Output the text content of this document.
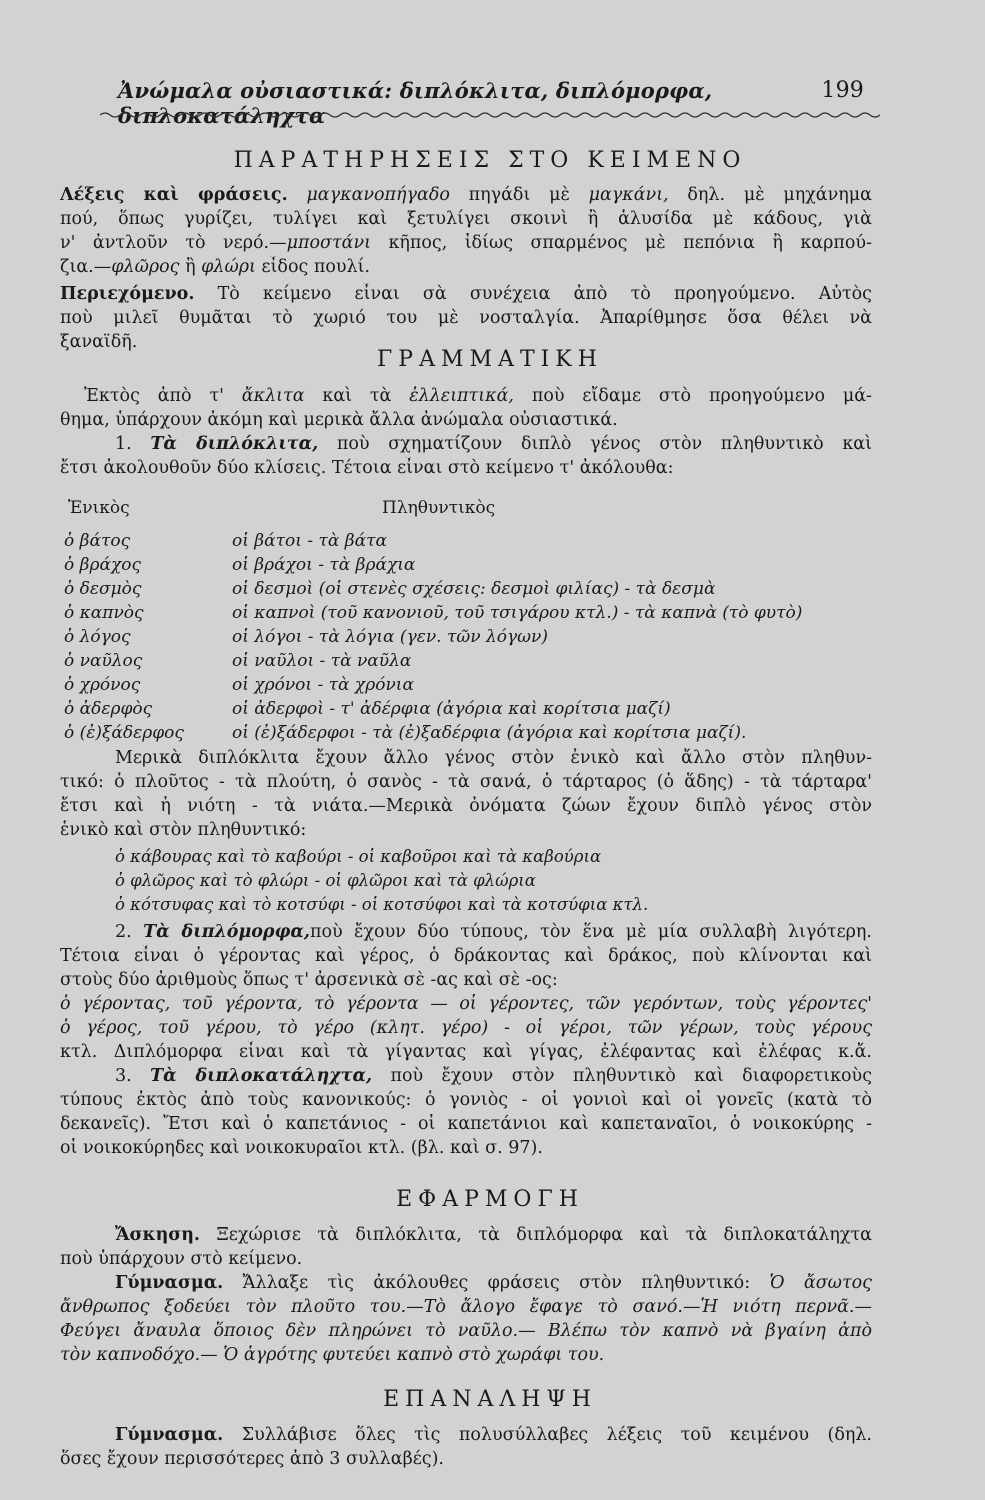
Ἀνώμαλα οὐσιαστικά: διπλόκλιτα, διπλόμορφα, διπλοκατάληχτα
199
ΠΑΡΑΤΗΡΗΣΕΙΣ ΣΤΟ ΚΕΙΜΕΝΟ
Λέξεις καὶ φράσεις. μαγκανοπήγαδο πηγάδι μὲ μαγκάνι, δηλ. μὲ μηχάνημα
πού, ὅπως γυρίζει, τυλίγει καὶ ξετυλίγει σκοινὶ ἢ ἁλυσίδα μὲ κάδους, γιὰ
ν' ἀντλοῦν τὸ νερό.—μποστάνι κῆπος, ἰδίως σπαρμένος μὲ πεπόνια ἢ καρπού-
ζια.—φλῶρος ἢ φλώρι εἶδος πουλί.
Περιεχόμενο. Τὸ κείμενο εἶναι σὰ συνέχεια ἀπὸ τὸ προηγούμενο. Αὐτὸς
ποὺ μιλεῖ θυμᾶται τὸ χωριό του μὲ νοσταλγία. Ἀπαρίθμησε ὅσα θέλει νὰ
ξαναϊδῆ.
ΓΡΑΜΜΑΤΙΚΗ
Ἐκτὸς ἀπὸ τ' ἄκλιτα καὶ τὰ ἐλλειπτικά, ποὺ εἴδαμε στὸ προηγούμενο μά-
θημα, ὑπάρχουν ἀκόμη καὶ μερικὰ ἄλλα ἀνώμαλα οὐσιαστικά.
1. Τὰ διπλόκλιτα, ποὺ σχηματίζουν διπλὸ γένος στὸν πληθυντικὸ καὶ
ἔτσι ἀκολουθοῦν δύο κλίσεις. Τέτοια εἶναι στὸ κείμενο τ' ἀκόλουθα:
Ἑνικὸς	Πληθυντικὸς
ὁ βάτος	οἱ βάτοι - τὰ βάτα
ὁ βράχος	οἱ βράχοι - τὰ βράχια
ὁ δεσμὸς	οἱ δεσμοὶ (οἱ στενὲς σχέσεις: δεσμοὶ φιλίας) - τὰ δεσμὰ
ὁ καπνὸς	οἱ καπνοὶ (τοῦ κανονιοῦ, τοῦ τσιγάρου κτλ.) - τὰ καπνὰ (τὸ φυτὸ)
ὁ λόγος	οἱ λόγοι - τὰ λόγια (γεν. τῶν λόγων)
ὁ ναῦλος	οἱ ναῦλοι - τὰ ναῦλα
ὁ χρόνος	οἱ χρόνοι - τὰ χρόνια
ὁ ἀδερφὸς	οἱ ἀδερφοὶ - τ' ἀδέρφια (ἀγόρια καὶ κορίτσια μαζί)
ὁ (ἐ)ξάδερφος	οἱ (ἐ)ξάδερφοι - τὰ (ἐ)ξαδέρφια (ἀγόρια καὶ κορίτσια μαζί).
Μερικὰ διπλόκλιτα ἔχουν ἄλλο γένος στὸν ἑνικὸ καὶ ἄλλο στὸν πληθυν-
τικό: ὁ πλοῦτος - τὰ πλούτη, ὁ σανὸς - τὰ σανά, ὁ τάρταρος (ὁ ἅδης) - τὰ τάρταρα'
ἔτσι καὶ ἡ νιότη - τὰ νιάτα.—Μερικὰ ὀνόματα ζώων ἔχουν διπλὸ γένος στὸν
ἑνικὸ καὶ στὸν πληθυντικό:
ὁ κάβουρας καὶ τὸ καβούρι - οἱ καβοῦροι καὶ τὰ καβούρια
ὁ φλῶρος καὶ τὸ φλώρι - οἱ φλῶροι καὶ τὰ φλώρια
ὁ κότσυφας καὶ τὸ κοτσύφι - οἱ κοτσύφοι καὶ τὰ κοτσύφια κτλ.
2. Τὰ διπλόμορφα,ποὺ ἔχουν δύο τύπους, τὸν ἕνα μὲ μία συλλαβὴ λιγότερη.
Τέτοια εἶναι ὁ γέροντας καὶ γέρος, ὁ δράκοντας καὶ δράκος, ποὺ κλίνονται καὶ
στοὺς δύο ἀριθμοὺς ὅπως τ' ἀρσενικὰ σὲ -ας καὶ σὲ -ος:
ὁ γέροντας, τοῦ γέροντα, τὸ γέροντα — οἱ γέροντες, τῶν γερόντων, τοὺς γέροντες'
ὁ γέρος, τοῦ γέρου, τὸ γέρο (κλητ. γέρο) - οἱ γέροι, τῶν γέρων, τοὺς γέρους
κτλ. Διπλόμορφα εἶναι καὶ τὰ γίγαντας καὶ γίγας, ἐλέφαντας καὶ ἐλέφας κ.ἄ.
3. Τὰ διπλοκατάληχτα, ποὺ ἔχουν στὸν πληθυντικὸ καὶ διαφορετικοὺς
τύπους ἐκτὸς ἀπὸ τοὺς κανονικούς: ὁ γονιὸς - οἱ γονιοὶ καὶ οἱ γονεῖς (κατὰ τὸ
δεκανεῖς). Ἔτσι καὶ ὁ καπετάνιος - οἱ καπετάνιοι καὶ καπεταναῖοι, ὁ νοικοκύρης -
οἱ νοικοκύρηδες καὶ νοικοκυραῖοι κτλ. (βλ. καὶ σ. 97).
ΕΦΑΡΜΟΓΗ
Ἄσκηση. Ξεχώρισε τὰ διπλόκλιτα, τὰ διπλόμορφα καὶ τὰ διπλοκατάληχτα
ποὺ ὑπάρχουν στὸ κείμενο.
Γύμνασμα. Ἄλλαξε τὶς ἀκόλουθες φράσεις στὸν πληθυντικό: Ὁ ἄσωτος
ἄνθρωπος ξοδεύει τὸν πλοῦτο του.—Τὸ ἄλογο ἔφαγε τὸ σανό.—Ἡ νιότη περνᾶ.—
Φεύγει ἄναυλα ὅποιος δὲν πληρώνει τὸ ναῦλο.— Βλέπω τὸν καπνὸ νὰ βγαίνη ἀπὸ
τὸν καπνοδόχο.— Ὁ ἀγρότης φυτεύει καπνὸ στὸ χωράφι του.
ΕΠΑΝΑΛΗΨΗ
Γύμνασμα. Συλλάβισε ὅλες τὶς πολυσύλλαβες λέξεις τοῦ κειμένου (δηλ.
ὅσες ἔχουν περισσότερες ἀπὸ 3 συλλαβές).
